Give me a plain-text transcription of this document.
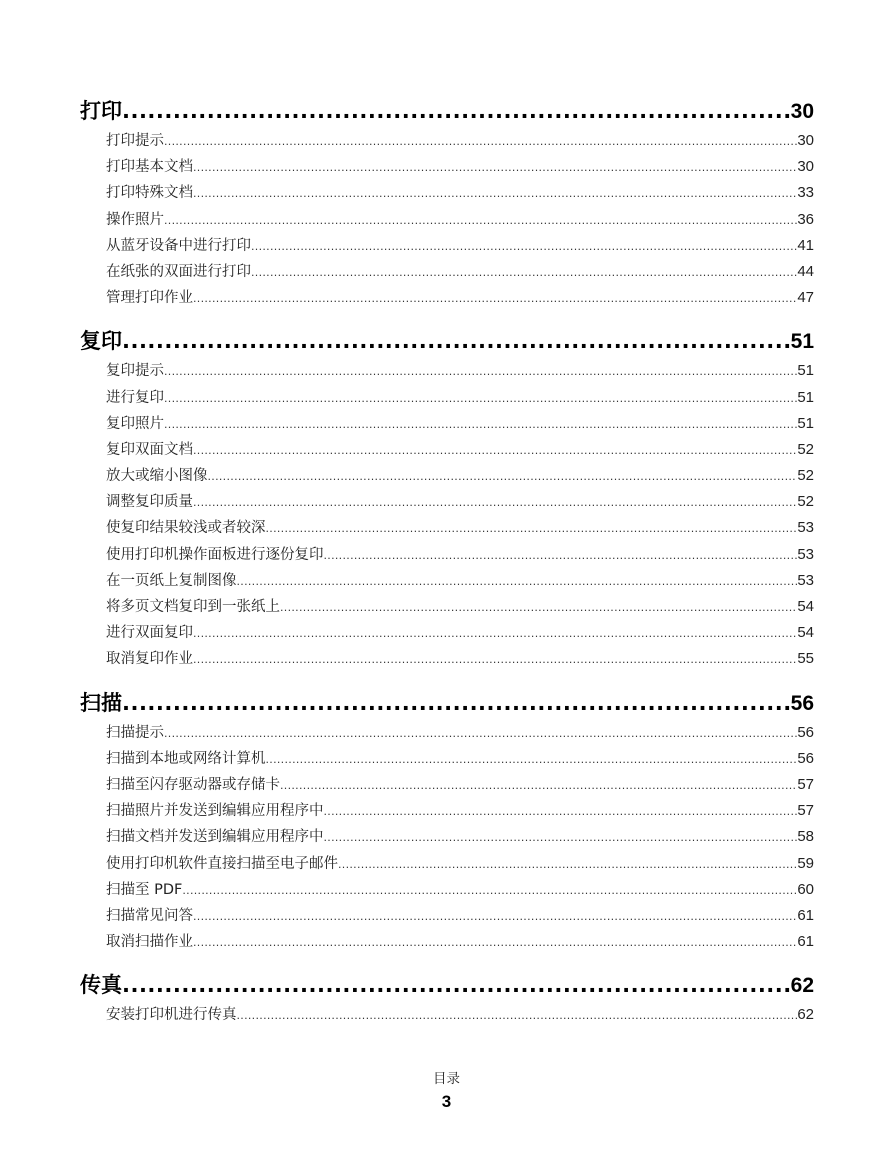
打印 .....	30
打印提示 .....	30
打印基本文档 .....	30
打印特殊文档 .....	33
操作照片 .....	36
从蓝牙设备中进行打印 .....	41
在纸张的双面进行打印 .....	44
管理打印作业 .....	47
复印 .....	51
复印提示 .....	51
进行复印 .....	51
复印照片 .....	51
复印双面文档 .....	52
放大或缩小图像 .....	52
调整复印质量 .....	52
使复印结果较浅或者较深 .....	53
使用打印机操作面板进行逐份复印 .....	53
在一页纸上复制图像 .....	53
将多页文档复印到一张纸上 .....	54
进行双面复印 .....	54
取消复印作业 .....	55
扫描 .....	56
扫描提示 .....	56
扫描到本地或网络计算机 .....	56
扫描至闪存驱动器或存储卡 .....	57
扫描照片并发送到编辑应用程序中 .....	57
扫描文档并发送到编辑应用程序中 .....	58
使用打印机软件直接扫描至电子邮件 .....	59
扫描至 PDF .....	60
扫描常见问答 .....	61
取消扫描作业 .....	61
传真 .....	62
安装打印机进行传真 .....	62
目录
3
